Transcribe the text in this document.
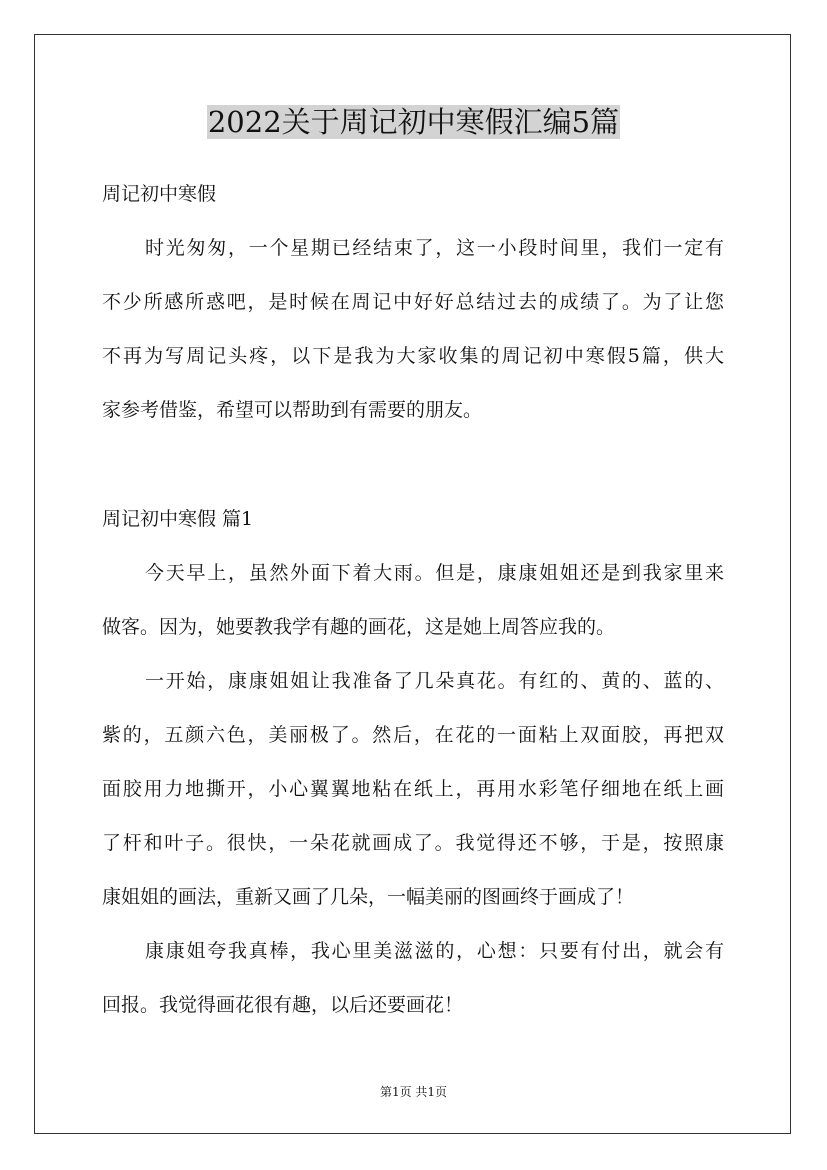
2022关于周记初中寒假汇编5篇
周记初中寒假
时光匆匆，一个星期已经结束了，这一小段时间里，我们一定有
不少所感所惑吧，是时候在周记中好好总结过去的成绩了。为了让您
不再为写周记头疼，以下是我为大家收集的周记初中寒假5篇，供大
家参考借鉴，希望可以帮助到有需要的朋友。
周记初中寒假 篇1
今天早上，虽然外面下着大雨。但是，康康姐姐还是到我家里来
做客。因为，她要教我学有趣的画花，这是她上周答应我的。
一开始，康康姐姐让我准备了几朵真花。有红的、黄的、蓝的、
紫的，五颜六色，美丽极了。然后，在花的一面粘上双面胶，再把双
面胶用力地撕开，小心翼翼地粘在纸上，再用水彩笔仔细地在纸上画
了杆和叶子。很快，一朵花就画成了。我觉得还不够，于是，按照康
康姐姐的画法，重新又画了几朵，一幅美丽的图画终于画成了！
康康姐夸我真棒，我心里美滋滋的，心想：只要有付出，就会有
回报。我觉得画花很有趣，以后还要画花！
第1页 共1页
